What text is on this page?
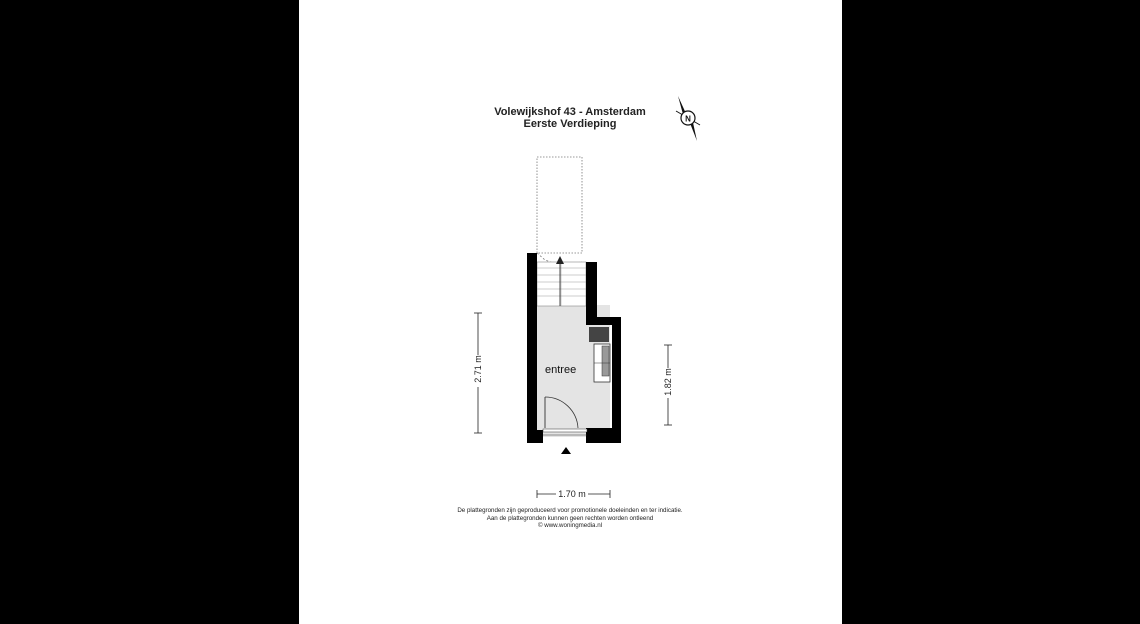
Volewijkshof 43 - Amsterdam
Eerste Verdieping	N
entree
2.71 m	1.82 m
1.70 m
De plattegronden zijn geproduceerd voor promotionele doeleinden en ter indicatie.
Aan de plattegronden kunnen geen rechten worden ontleend
© www.woningmedia.nl
